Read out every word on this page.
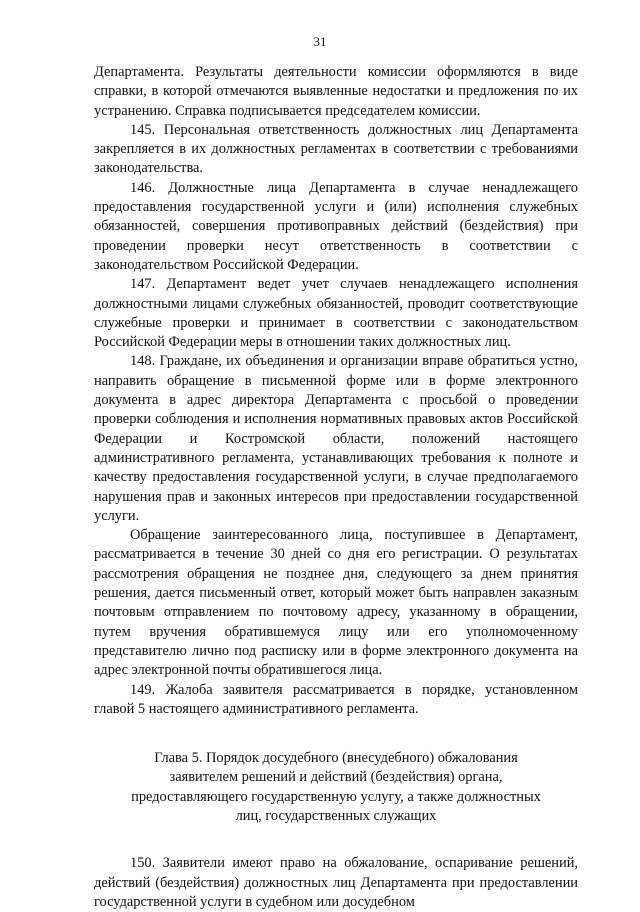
31

Департамента. Результаты деятельности комиссии оформляются в виде справки, в которой отмечаются выявленные недостатки и предложения по их устранению. Справка подписывается председателем комиссии.

145. Персональная ответственность должностных лиц Департамента закрепляется в их должностных регламентах в соответствии с требованиями законодательства.

146. Должностные лица Департамента в случае ненадлежащего предоставления государственной услуги и (или) исполнения служебных обязанностей, совершения противоправных действий (бездействия) при проведении проверки несут ответственность в соответствии с законодательством Российской Федерации.

147. Департамент ведет учет случаев ненадлежащего исполнения должностными лицами служебных обязанностей, проводит соответствующие служебные проверки и принимает в соответствии с законодательством Российской Федерации меры в отношении таких должностных лиц.

148. Граждане, их объединения и организации вправе обратиться устно, направить обращение в письменной форме или в форме электронного документа в адрес директора Департамента с просьбой о проведении проверки соблюдения и исполнения нормативных правовых актов Российской Федерации и Костромской области, положений настоящего административного регламента, устанавливающих требования к полноте и качеству предоставления государственной услуги, в случае предполагаемого нарушения прав и законных интересов при предоставлении государственной услуги.

Обращение заинтересованного лица, поступившее в Департамент, рассматривается в течение 30 дней со дня его регистрации. О результатах рассмотрения обращения не позднее дня, следующего за днем принятия решения, дается письменный ответ, который может быть направлен заказным почтовым отправлением по почтовому адресу, указанному в обращении, путем вручения обратившемуся лицу или его уполномоченному представителю лично под расписку или в форме электронного документа на адрес электронной почты обратившегося лица.

149. Жалоба заявителя рассматривается в порядке, установленном главой 5 настоящего административного регламента.

Глава 5. Порядок досудебного (внесудебного) обжалования заявителем решений и действий (бездействия) органа, предоставляющего государственную услугу, а также должностных лиц, государственных служащих

150. Заявители имеют право на обжалование, оспаривание решений, действий (бездействия) должностных лиц Департамента при предоставлении государственной услуги в судебном или досудебном
